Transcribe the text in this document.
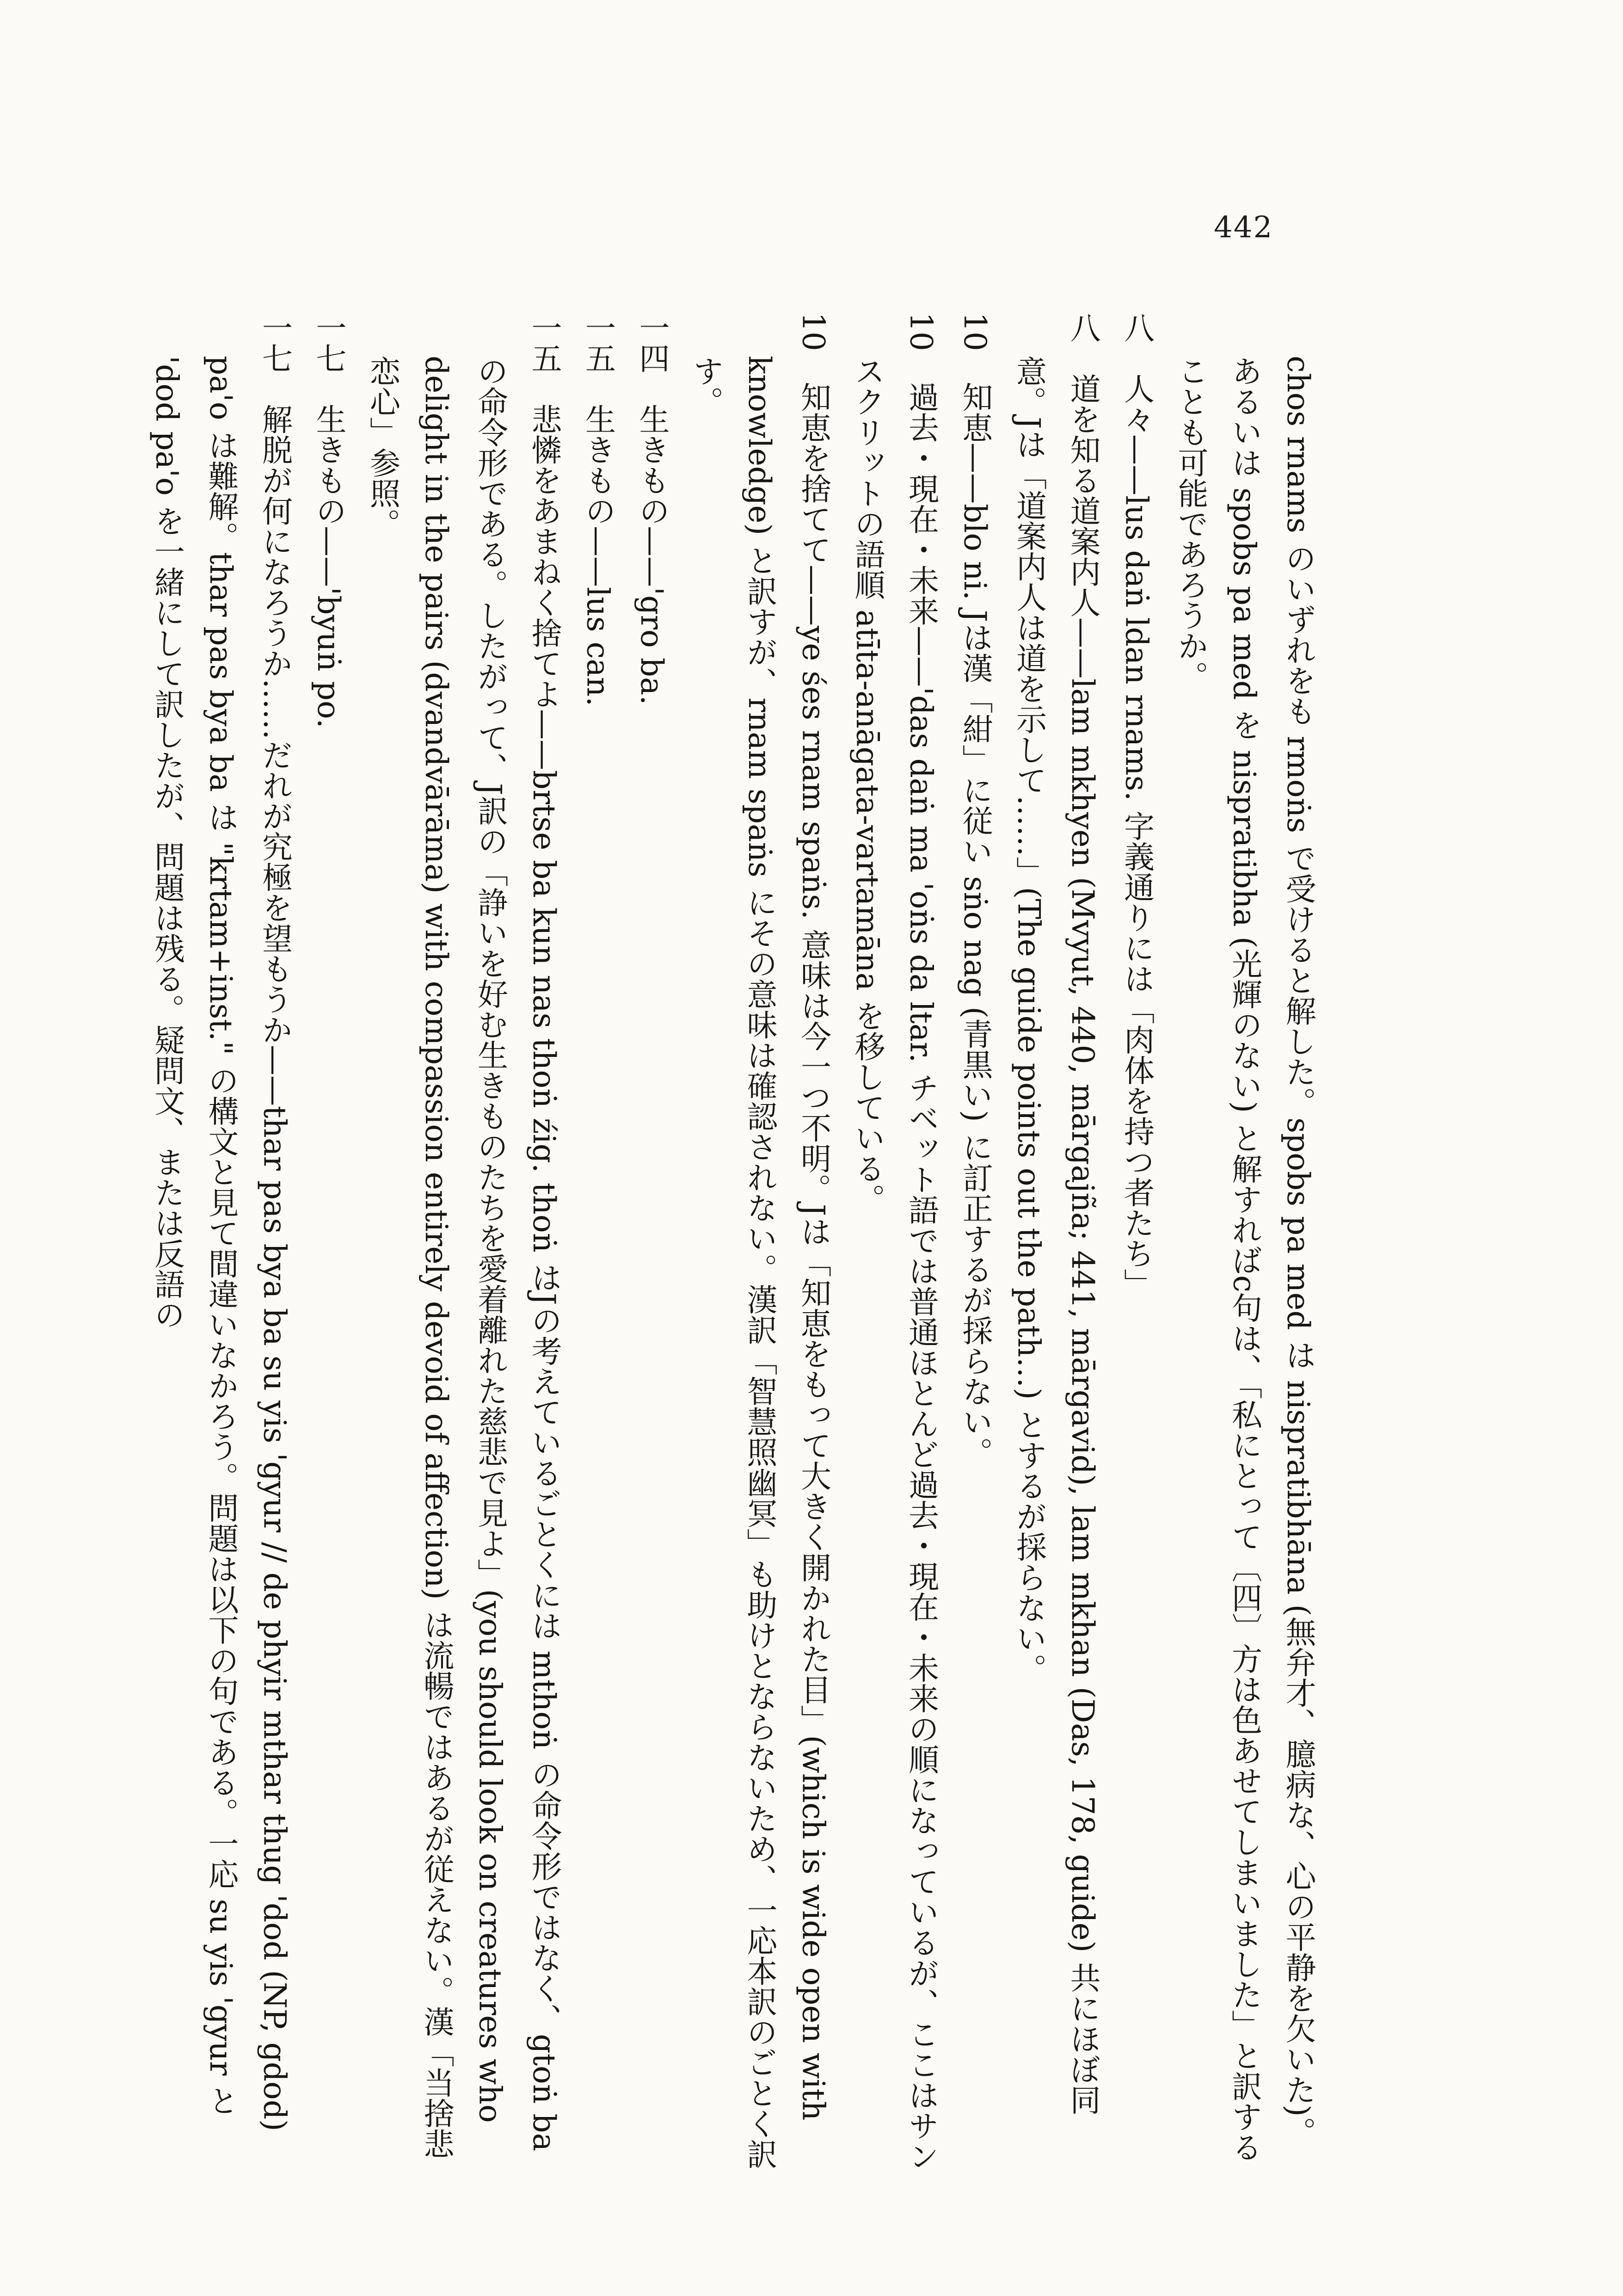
442
chos rnams のいずれをも rmoṅs で受けると解した。spobs pa med は nispratibhāna (無弁才、臆病な、心の平静を欠いた)。あるいは spobs pa med を nispratibha (光輝のない) と解すればc句は、「私にとって〔四〕方は色あせてしまいました」と訳することも可能であろうか。
八人々——lus daṅ ldan rnams. 字義通りには「肉体を持つ者たち」
八道を知る道案内人——lam mkhyen (Mvyut, 440, mārgajña; 441, mārgavid), lam mkhan (Das, 178, guide) 共にほぼ同意。Jは「道案内人は道を示して……」(The guide points out the path…) とするが採らない。
10知恵——blo ni. Jは漢「紺」に従い sṅo nag (青黒い) に訂正するが採らない。
10過去・現在・未来——'das daṅ ma 'oṅs da ltar. チベット語では普通ほとんど過去・現在・未来の順になっているが、ここはサンスクリットの語順 atīta-anāgata-vartamāna を移している。
10知恵を捨てて——ye śes rnam spaṅs. 意味は今一つ不明。Jは「知恵をもって大きく開かれた目」(which is wide open with knowledge) と訳すが、rnam spaṅs にその意味は確認されない。漢訳「智慧照幽冥」も助けとならないため、一応本訳のごとく訳す。
一四生きもの——'gro ba.
一五生きもの——lus can.
一五悲憐をあまねく捨てよ——brtse ba kun nas thoṅ źig. thoṅ はJの考えているごとくには mthoṅ の命令形ではなく、gtoṅ ba の命令形である。したがって、J訳の「諍いを好む生きものたちを愛着離れた慈悲で見よ」(you should look on creatures who delight in the pairs (dvandvārāma) with compassion entirely devoid of affection) は流暢ではあるが従えない。漢「当捨悲恋心」参照。
一七生きもの——'byuṅ po.
一七解脱が何になろうか……だれが究極を望もうか——thar pas bya ba su yis 'gyur // de phyir mthar thug 'dod (NP, gdod) pa'o は難解。thar pas bya ba は "krtam+inst." の構文と見て間違いなかろう。問題は以下の句である。一応 su yis 'gyur と 'dod pa'o を一緒にして訳したが、問題は残る。疑問文、または反語の
